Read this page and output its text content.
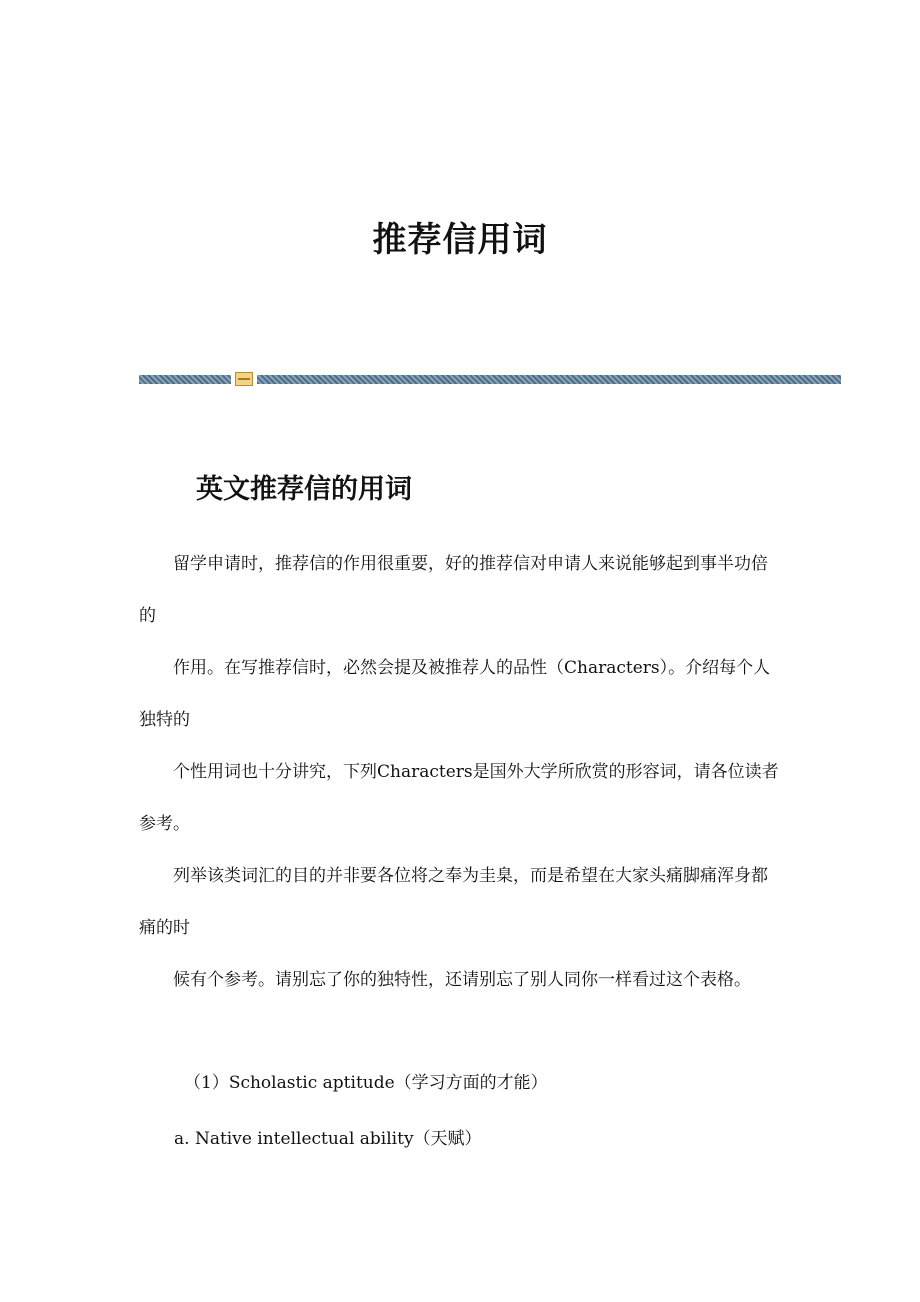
推荐信用词
英文推荐信的用词

留学申请时，推荐信的作用很重要，好的推荐信对申请人来说能够起到事半功倍的

作用。在写推荐信时，必然会提及被推荐人的品性（Characters）。介绍每个人独特的

个性用词也十分讲究，下列Characters是国外大学所欣赏的形容词，请各位读者参考。

列举该类词汇的目的并非要各位将之奉为圭臬，而是希望在大家头痛脚痛浑身都痛的时

候有个参考。请别忘了你的独特性，还请别忘了别人同你一样看过这个表格。

（1）Scholastic aptitude（学习方面的才能）

a. Native intellectual ability（天赋）
